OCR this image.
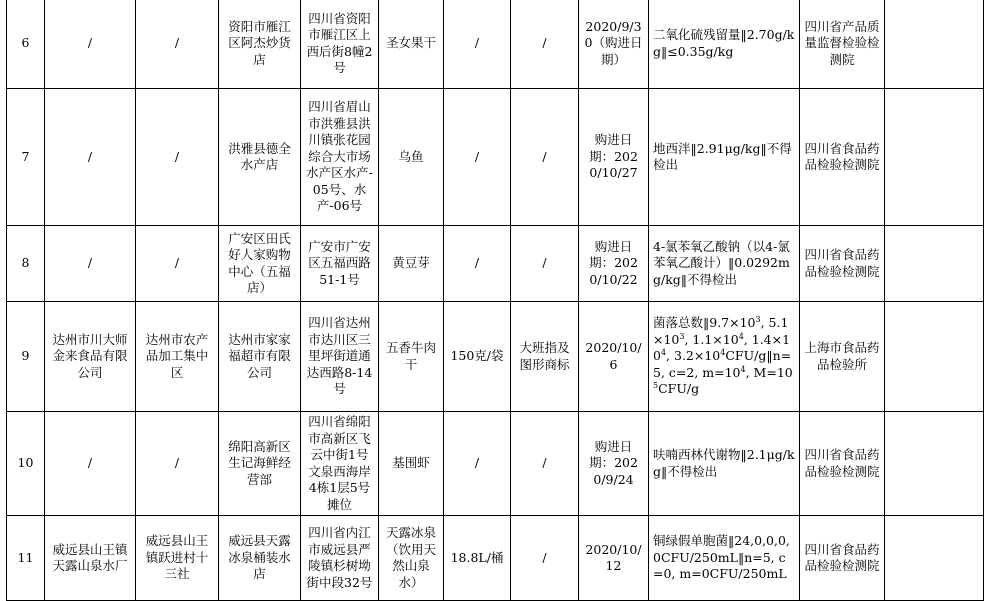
6	/	/	资阳市雁江区阿杰炒货店	四川省资阳市雁江区上西后街8幢2号	圣女果干	/	/	2020/9/30（购进日期）	二氧化硫残留量‖2.70g/kg‖≤0.35g/kg	四川省产品质量监督检验检测院	
7	/	/	洪雅县德全水产店	四川省眉山市洪雅县洪川镇张花园综合大市场水产区水产-05号、水产-06号	乌鱼	/	/	购进日期：2020/10/27	地西泮‖2.91μg/kg‖不得检出	四川省食品药品检验检测院	
8	/	/	广安区田氏好人家购物中心（五福店）	广安市广安区五福西路51-1号	黄豆芽	/	/	购进日期：2020/10/22	4-氯苯氧乙酸钠（以4-氯苯氧乙酸计）‖0.0292mg/kg‖不得检出	四川省食品药品检验检测院	
9	达州市川大师金来食品有限公司	达州市农产品加工集中区	达州市家家福超市有限公司	四川省达州市达川区三里坪街道通达西路8-14号	五香牛肉干	150克/袋	大班指及图形商标	2020/10/6	菌落总数$‖9.7\times 10^3$, $5.1\times 10^3$, $1.1\times 10^4$, $1.4\times 10^4$, $3.2\times 10^4CFU/g‖n=5$, c=2, $m=10^4$, $M=10^5CFU/g$	上海市食品药品检验所	
10	/	/	绵阳高新区生记海鲜经营部	四川省绵阳市高新区飞云中街1号文泉西海岸4栋1层5号摊位	基围虾	/	/	购进日期：2020/9/24	呋喃西林代谢物‖2.1μg/kg‖不得检出	四川省食品药品检验检测院	
11	威远县山王镇天露山泉水厂	威远县山王镇跃进村十三社	威远县天露冰泉桶装水店	四川省内江市威远县严陵镇杉树坳街中段32号	天露冰泉（饮用天然山泉水）	18.8L/桶	/	2020/10/12	铜绿假单胞菌‖24,0,0,0,0CFU/250mL‖n=5, c=0, m=0CFU/250mL	四川省食品药品检验检测院	
